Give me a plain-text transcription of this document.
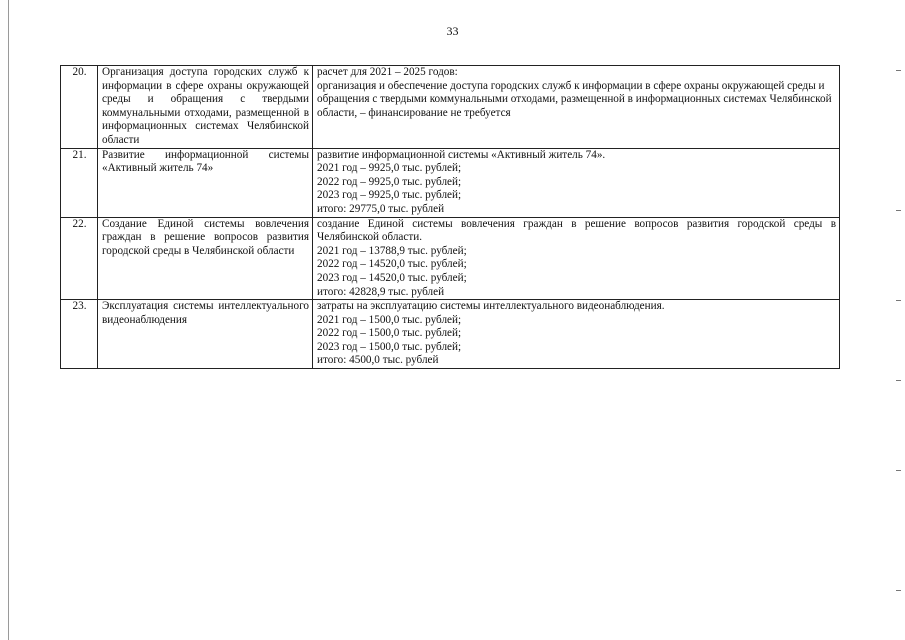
33
20.	Организация доступа городских служб к информации в сфере охраны окружающей среды и обращения с твердыми коммунальными отходами, размещенной в информационных системах Челябинской области	расчет для 2021 – 2025 годов:
организация и обеспечение доступа городских служб к информации в сфере охраны окружающей среды и обращения с твердыми коммунальными отходами, размещенной в информационных системах Челябинской области, – финансирование не требуется

21.	Развитие информационной системы «Активный житель 74»	развитие информационной системы «Активный житель 74».
2021 год – 9925,0 тыс. рублей;
2022 год – 9925,0 тыс. рублей;
2023 год – 9925,0 тыс. рублей;
итого: 29775,0 тыс. рублей

22.	Создание Единой системы вовлечения граждан в решение вопросов развития городской среды в Челябинской области	создание Единой системы вовлечения граждан в решение вопросов развития городской среды в Челябинской области.
2021 год – 13788,9 тыс. рублей;
2022 год – 14520,0 тыс. рублей;
2023 год – 14520,0 тыс. рублей;
итого: 42828,9 тыс. рублей

23.	Эксплуатация системы интеллектуального видеонаблюдения	затраты на эксплуатацию системы интеллектуального видеонаблюдения.
2021 год – 1500,0 тыс. рублей;
2022 год – 1500,0 тыс. рублей;
2023 год – 1500,0 тыс. рублей;
итого: 4500,0 тыс. рублей
